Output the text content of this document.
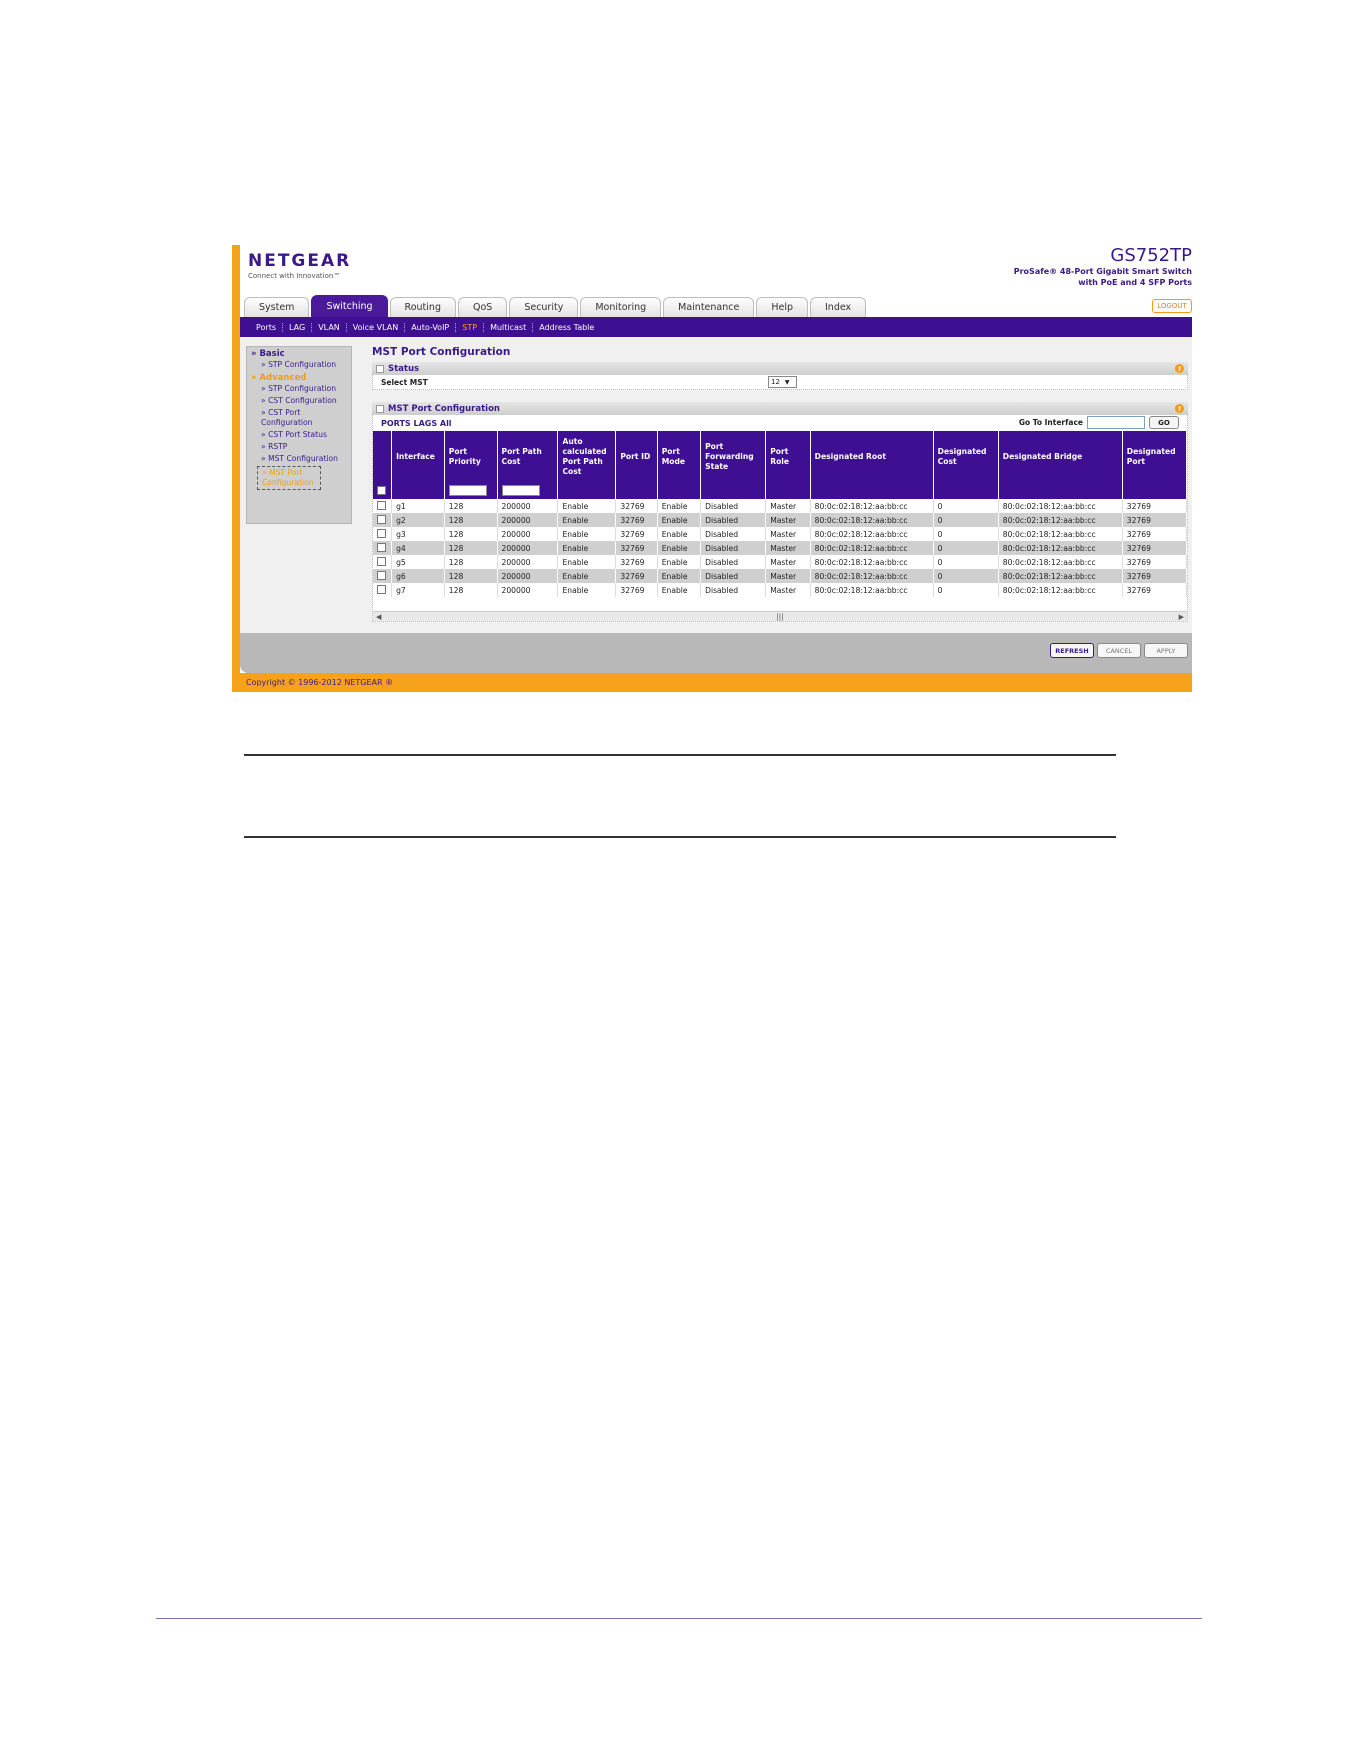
NETGEAR
Connect with Innovation™
GS752TP
ProSafe® 48-Port Gigabit Smart Switch
with PoE and 4 SFP Ports
System	Switching	Routing	QoS	Security	Monitoring	Maintenance	Help	Index	LOGOUT
Ports	LAG	VLAN	Voice VLAN	Auto-VoIP	STP	Multicast	Address Table
» Basic
» STP Configuration
» Advanced
» STP Configuration
» CST Configuration
» CST Port Configuration
» CST Port Status
» RSTP
» MST Configuration
» MST Port Configuration
MST Port Configuration
Status	?
Select MST	12 ▼
MST Port Configuration	?
PORTS LAGS All	Go To Interface	GO
	Interface	Port Priority	Port Path Cost	Auto calculated Port Path Cost	Port ID	Port Mode	Port Forwarding State	Port Role	Designated Root	Designated Cost	Designated Bridge	Designated Port

	g1	128	200000	Enable	32769	Enable	Disabled	Master	80:0c:02:18:12:aa:bb:cc	0	80:0c:02:18:12:aa:bb:cc	32769
	g2	128	200000	Enable	32769	Enable	Disabled	Master	80:0c:02:18:12:aa:bb:cc	0	80:0c:02:18:12:aa:bb:cc	32769
	g3	128	200000	Enable	32769	Enable	Disabled	Master	80:0c:02:18:12:aa:bb:cc	0	80:0c:02:18:12:aa:bb:cc	32769
	g4	128	200000	Enable	32769	Enable	Disabled	Master	80:0c:02:18:12:aa:bb:cc	0	80:0c:02:18:12:aa:bb:cc	32769
	g5	128	200000	Enable	32769	Enable	Disabled	Master	80:0c:02:18:12:aa:bb:cc	0	80:0c:02:18:12:aa:bb:cc	32769
	g6	128	200000	Enable	32769	Enable	Disabled	Master	80:0c:02:18:12:aa:bb:cc	0	80:0c:02:18:12:aa:bb:cc	32769
	g7	128	200000	Enable	32769	Enable	Disabled	Master	80:0c:02:18:12:aa:bb:cc	0	80:0c:02:18:12:aa:bb:cc	32769
◀	|||	▶
REFRESH	CANCEL	APPLY
Copyright © 1996-2012 NETGEAR ®
